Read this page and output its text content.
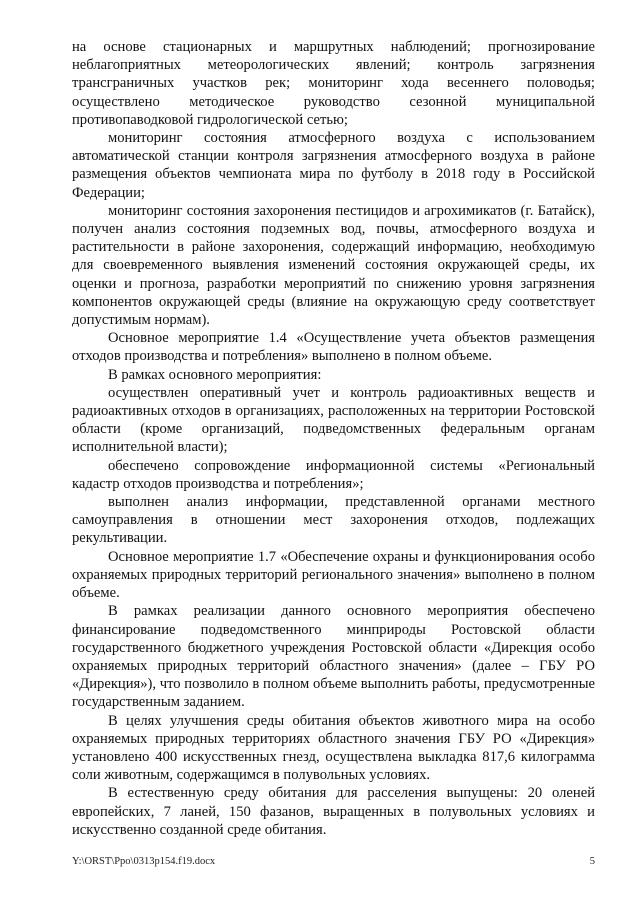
на основе стационарных и маршрутных наблюдений; прогнозирование неблагоприятных метеорологических явлений; контроль загрязнения трансграничных участков рек; мониторинг хода весеннего половодья; осуществлено методическое руководство сезонной муниципальной противопаводковой гидрологической сетью;

мониторинг состояния атмосферного воздуха с использованием автоматической станции контроля загрязнения атмосферного воздуха в районе размещения объектов чемпионата мира по футболу в 2018 году в Российской Федерации;

мониторинг состояния захоронения пестицидов и агрохимикатов (г. Батайск), получен анализ состояния подземных вод, почвы, атмосферного воздуха и растительности в районе захоронения, содержащий информацию, необходимую для своевременного выявления изменений состояния окружающей среды, их оценки и прогноза, разработки мероприятий по снижению уровня загрязнения компонентов окружающей среды (влияние на окружающую среду соответствует допустимым нормам).

Основное мероприятие 1.4 «Осуществление учета объектов размещения отходов производства и потребления» выполнено в полном объеме.

В рамках основного мероприятия:

осуществлен оперативный учет и контроль радиоактивных веществ и радиоактивных отходов в организациях, расположенных на территории Ростовской области (кроме организаций, подведомственных федеральным органам исполнительной власти);

обеспечено сопровождение информационной системы «Региональный кадастр отходов производства и потребления»;

выполнен анализ информации, представленной органами местного самоуправления в отношении мест захоронения отходов, подлежащих рекультивации.

Основное мероприятие 1.7 «Обеспечение охраны и функционирования особо охраняемых природных территорий регионального значения» выполнено в полном объеме.

В рамках реализации данного основного мероприятия обеспечено финансирование подведомственного минприроды Ростовской области государственного бюджетного учреждения Ростовской области «Дирекция особо охраняемых природных территорий областного значения» (далее – ГБУ РО «Дирекция»), что позволило в полном объеме выполнить работы, предусмотренные государственным заданием.

В целях улучшения среды обитания объектов животного мира на особо охраняемых природных территориях областного значения ГБУ РО «Дирекция» установлено 400 искусственных гнезд, осуществлена выкладка 817,6 килограмма соли животным, содержащимся в полувольных условиях.

В естественную среду обитания для расселения выпущены: 20 оленей европейских, 7 ланей, 150 фазанов, выращенных в полувольных условиях и искусственно созданной среде обитания.

Y:\ORST\Ppo\0313p154.f19.docx	5
